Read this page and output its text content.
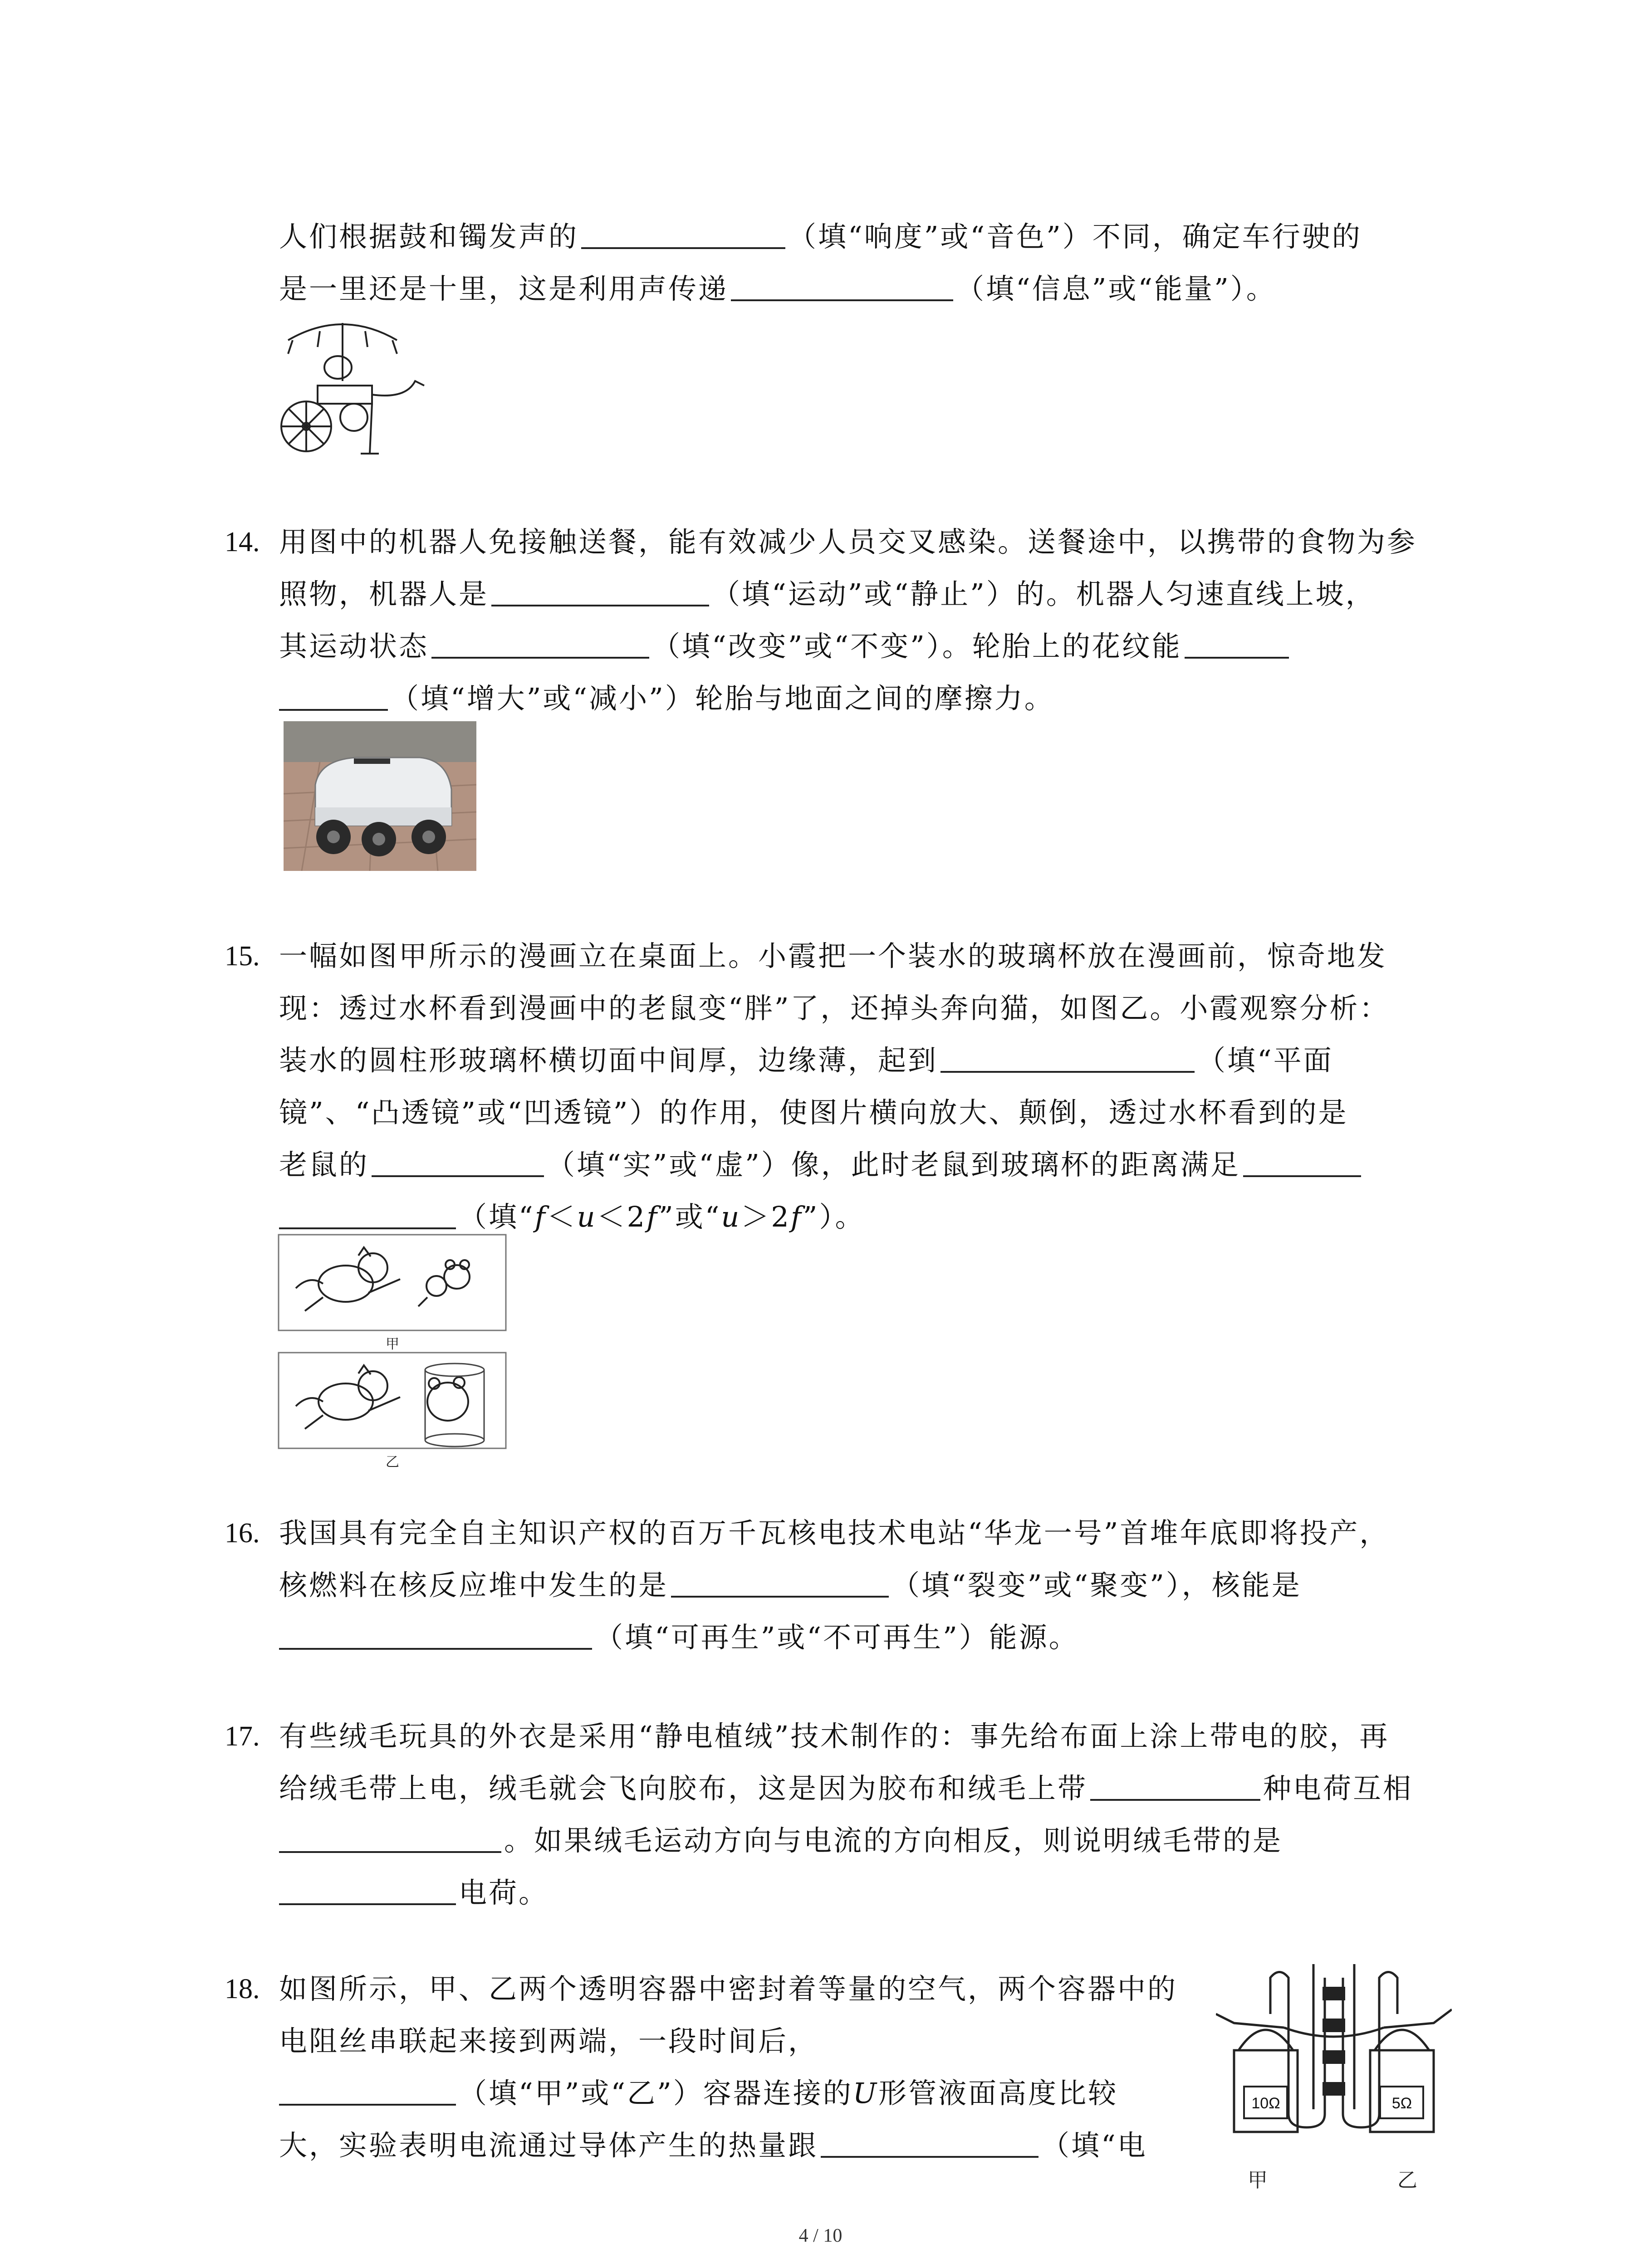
人们根据鼓和镯发声的	（填“响度”或“音色”）不同，确定车行驶的
是一里还是十里，这是利用声传递	（填“信息”或“能量”）。
14. 用图中的机器人免接触送餐，能有效减少人员交叉感染。送餐途中，以携带的食物为参
照物，机器人是	（填“运动”或“静止”）的。机器人匀速直线上坡，
其运动状态	（填“改变”或“不变”）。轮胎上的花纹能
（填“增大”或“减小”）轮胎与地面之间的摩擦力。
15. 一幅如图甲所示的漫画立在桌面上。小霞把一个装水的玻璃杯放在漫画前，惊奇地发
现：透过水杯看到漫画中的老鼠变“胖”了，还掉头奔向猫，如图乙。小霞观察分析：
装水的圆柱形玻璃杯横切面中间厚，边缘薄，起到	（填“平面
镜”、“凸透镜”或“凹透镜”）的作用，使图片横向放大、颠倒，透过水杯看到的是
老鼠的	（填“实”或“虚”）像，此时老鼠到玻璃杯的距离满足
（填“f＜u＜2f”或“u＞2f”）。
甲
乙
16. 我国具有完全自主知识产权的百万千瓦核电技术电站“华龙一号”首堆年底即将投产，
核燃料在核反应堆中发生的是	（填“裂变”或“聚变”），核能是
（填“可再生”或“不可再生”）能源。
17. 有些绒毛玩具的外衣是采用“静电植绒”技术制作的：事先给布面上涂上带电的胶，再
给绒毛带上电，绒毛就会飞向胶布，这是因为胶布和绒毛上带	种电荷互相
。如果绒毛运动方向与电流的方向相反，则说明绒毛带的是
电荷。
18. 如图所示，甲、乙两个透明容器中密封着等量的空气，两个容器中的
电阻丝串联起来接到两端，一段时间后，
（填“甲”或“乙”）容器连接的U形管液面高度比较
大，实验表明电流通过导体产生的热量跟	（填“电
10Ω	5Ω
甲	乙
4 / 10
